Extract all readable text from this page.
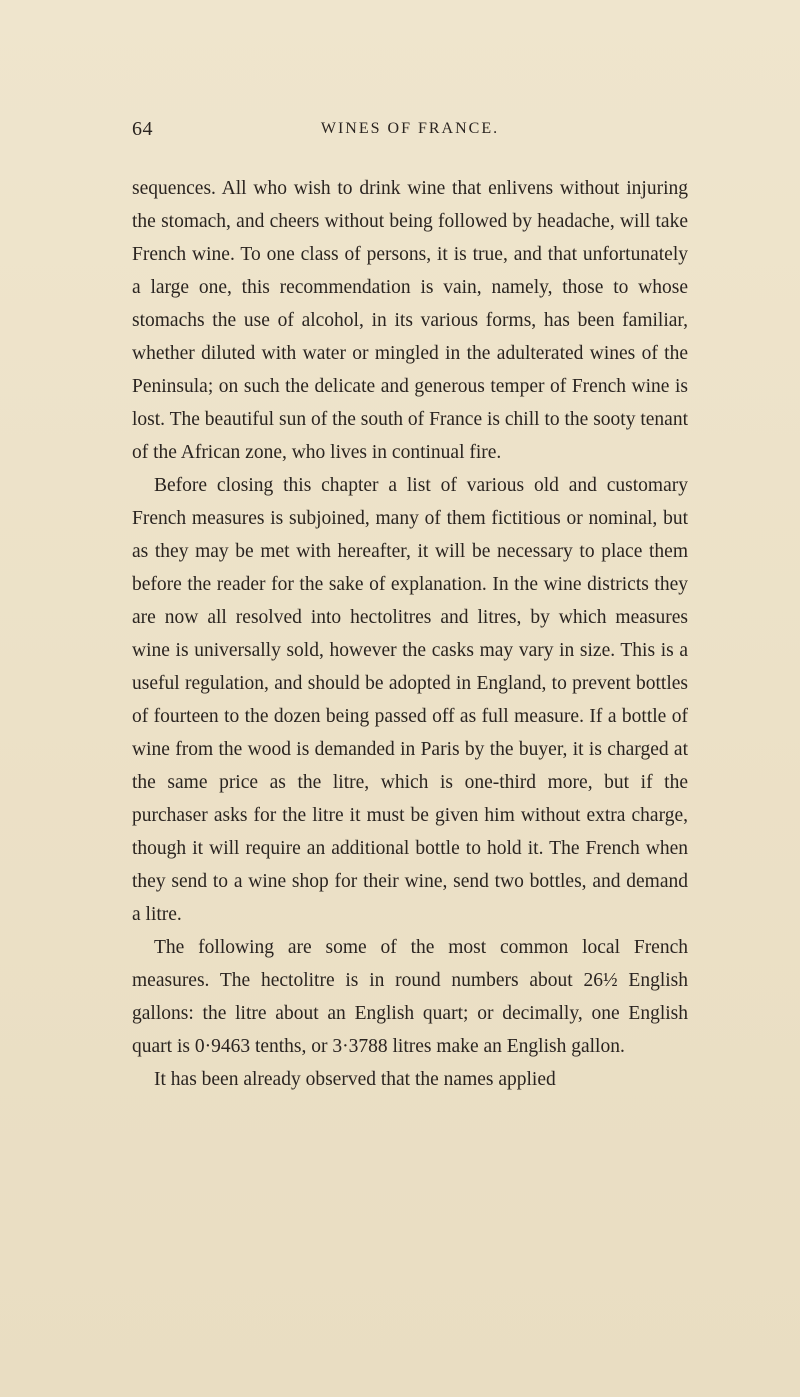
64	WINES OF FRANCE.

sequences. All who wish to drink wine that enlivens without injuring the stomach, and cheers without being followed by headache, will take French wine. To one class of persons, it is true, and that unfortunately a large one, this recommendation is vain, namely, those to whose stomachs the use of alcohol, in its various forms, has been familiar, whether diluted with water or mingled in the adulterated wines of the Peninsula; on such the delicate and generous temper of French wine is lost. The beautiful sun of the south of France is chill to the sooty tenant of the African zone, who lives in continual fire.

Before closing this chapter a list of various old and customary French measures is subjoined, many of them fictitious or nominal, but as they may be met with hereafter, it will be necessary to place them before the reader for the sake of explanation. In the wine districts they are now all resolved into hectolitres and litres, by which measures wine is universally sold, however the casks may vary in size. This is a useful regulation, and should be adopted in England, to prevent bottles of fourteen to the dozen being passed off as full measure. If a bottle of wine from the wood is demanded in Paris by the buyer, it is charged at the same price as the litre, which is one-third more, but if the purchaser asks for the litre it must be given him without extra charge, though it will require an additional bottle to hold it. The French when they send to a wine shop for their wine, send two bottles, and demand a litre.

The following are some of the most common local French measures. The hectolitre is in round numbers about 26½ English gallons: the litre about an English quart; or decimally, one English quart is 0·9463 tenths, or 3·3788 litres make an English gallon.

It has been already observed that the names applied
